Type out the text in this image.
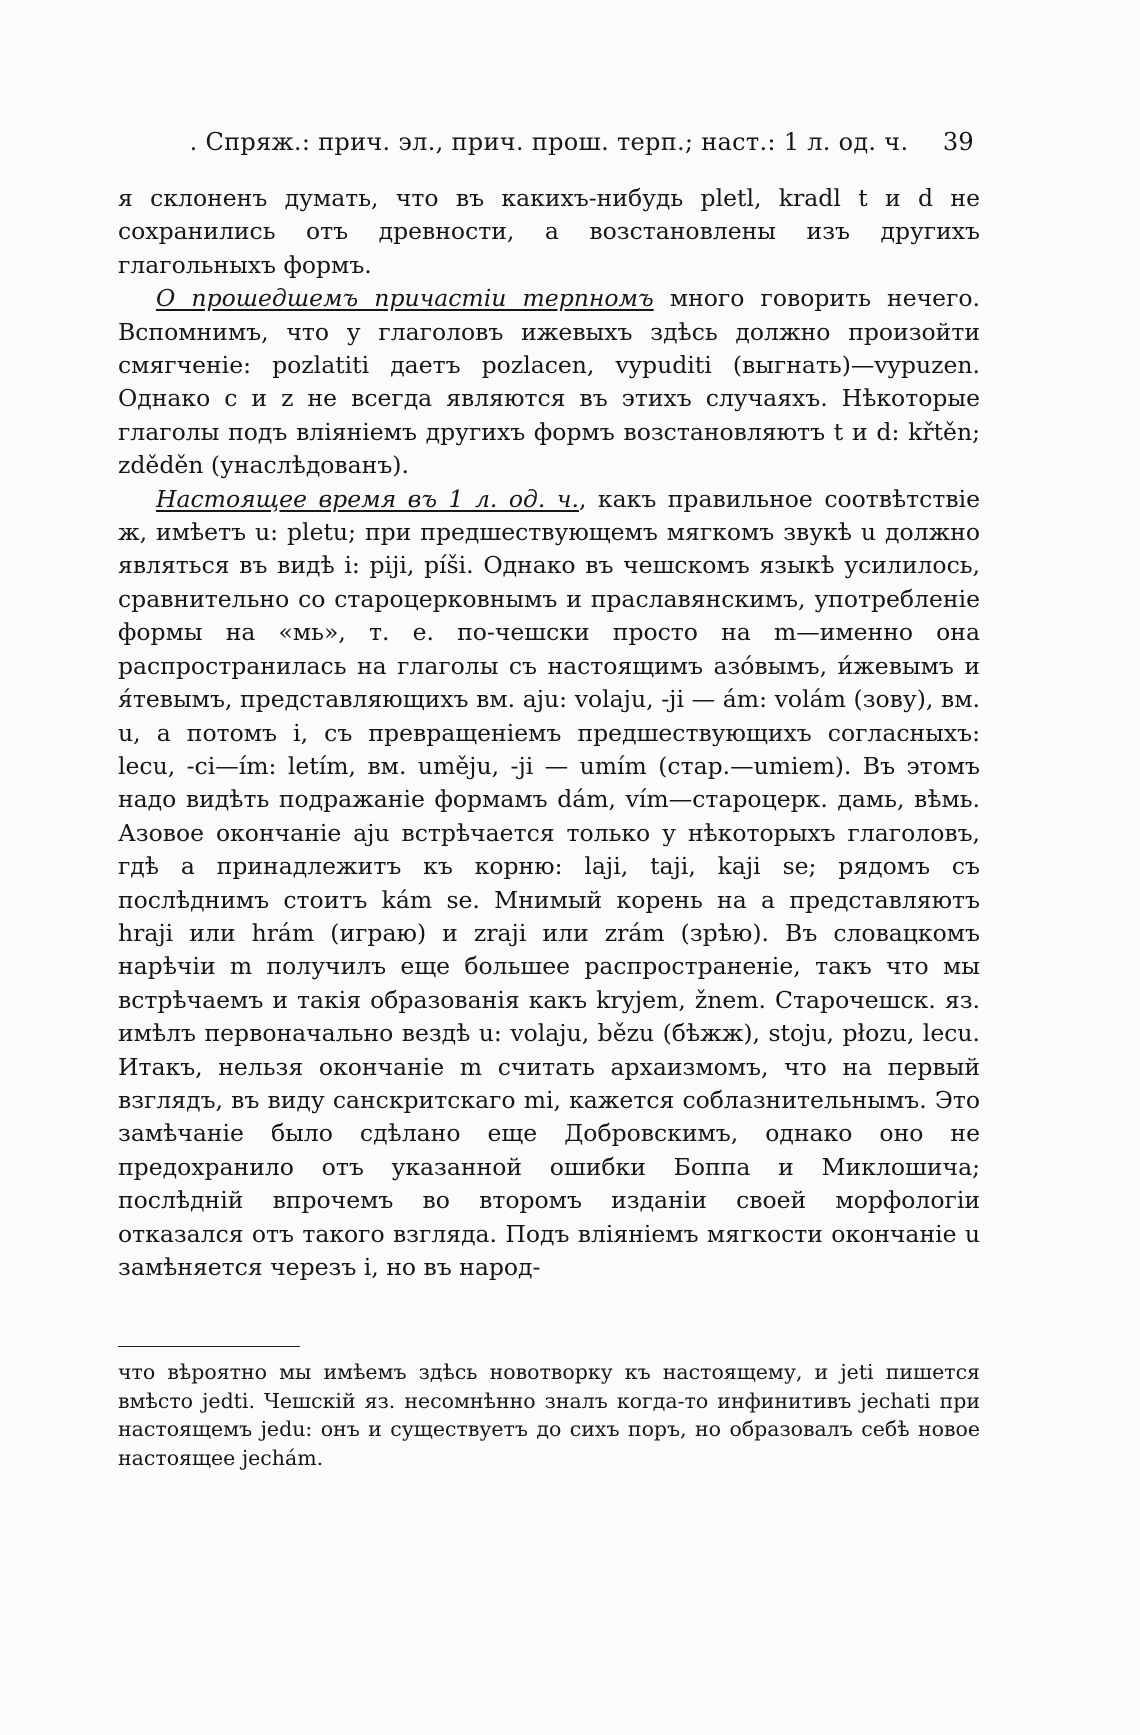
. Спряж.: прич. эл., прич. прош. терп.; наст.: 1 л. од. ч. 39

я склоненъ думать, что въ какихъ-нибудь pletl, kradl t и d не сохранились отъ древности, а возстановлены изъ другихъ глагольныхъ формъ.

О прошедшемъ причастіи терпномъ много говорить нечего. Вспомнимъ, что у глаголовъ ижевыхъ здѣсь должно произойти смягченіе: pozlatiti даетъ pozlacen, vypuditi (выгнать)—vypuzen. Однако с и z не всегда являются въ этихъ случаяхъ. Нѣкоторые глаголы подъ вліяніемъ другихъ формъ возстановляютъ t и d: křtěn; zděděn (унаслѣдованъ).

Настоящее время въ 1 л. од. ч., какъ правильное соотвѣтствіе ж, имѣетъ u: pletu; при предшествующемъ мягкомъ звукѣ u должно являться въ видѣ i: piji, píši. Однако въ чешскомъ языкѣ усилилось, сравнительно со староцерковнымъ и праславянскимъ, употребленіе формы на «мь», т. е. по-чешски просто на m—именно она распространилась на глаголы съ настоящимъ азо́вымъ, и́жевымъ и я́тевымъ, представляющихъ вм. aju: volaju, -ji — ám: volám (зову), вм. u, а потомъ i, съ превращеніемъ предшествующихъ согласныхъ: lecu, -ci—ím: letím, вм. uměju, -ji — umím (стар.—umiem). Въ этомъ надо видѣть подражаніе формамъ dám, vím—староцерк. дамь, вѣмь. Азовое окончаніе aju встрѣчается только у нѣкоторыхъ глаголовъ, гдѣ a принадлежитъ къ корню: laji, taji, kaji se; рядомъ съ послѣднимъ стоитъ kám se. Мнимый корень на a представляютъ hraji или hrám (играю) и zraji или zrám (зрѣю). Въ словацкомъ нарѣчіи m получилъ еще большее распространеніе, такъ что мы встрѣчаемъ и такія образованія какъ kryjem, žnem. Старочешск. яз. имѣлъ первоначально вездѣ u: volaju, bězu (бѣжж), stoju, płozu, lecu. Итакъ, нельзя окончаніе m считать архаизмомъ, что на первый взглядъ, въ виду санскритскаго mi, кажется соблазнительнымъ. Это замѣчаніе было сдѣлано еще Добровскимъ, однако оно не предохранило отъ указанной ошибки Боппа и Миклошича; послѣдній впрочемъ во второмъ изданіи своей морфологіи отказался отъ такого взгляда. Подъ вліяніемъ мягкости окончаніе u замѣняется черезъ i, но въ народ-

что вѣроятно мы имѣемъ здѣсь новотворку къ настоящему, и jeti пишется вмѣсто jedti. Чешскій яз. несомнѣнно зналъ когда-то инфинитивъ jechati при настоящемъ jedu: онъ и существуетъ до сихъ поръ, но образовалъ себѣ новое настоящее jechám.
